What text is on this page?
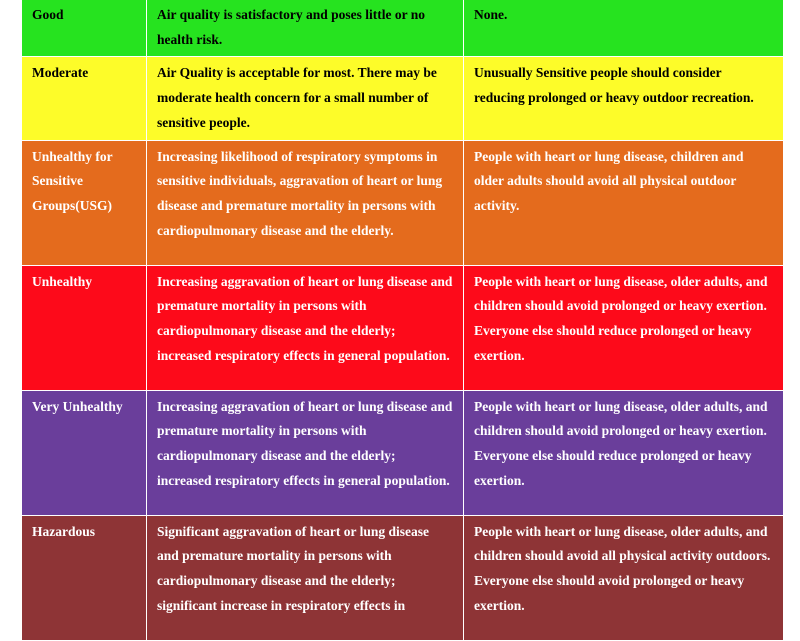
Good	Air quality is satisfactory and poses little or no health risk.	None.
Moderate	Air Quality is acceptable for most. There may be moderate health concern for a small number of sensitive people.	Unusually Sensitive people should consider reducing prolonged or heavy outdoor recreation.
Unhealthy for Sensitive Groups(USG)	Increasing likelihood of respiratory symptoms in sensitive individuals, aggravation of heart or lung disease and premature mortality in persons with cardiopulmonary disease and the elderly.	People with heart or lung disease, children and older adults should avoid all physical outdoor activity.
Unhealthy	Increasing aggravation of heart or lung disease and premature mortality in persons with cardiopulmonary disease and the elderly; increased respiratory effects in general population.	People with heart or lung disease, older adults, and children should avoid prolonged or heavy exertion. Everyone else should reduce prolonged or heavy exertion.
Very Unhealthy	Increasing aggravation of heart or lung disease and premature mortality in persons with cardiopulmonary disease and the elderly; increased respiratory effects in general population.	People with heart or lung disease, older adults, and children should avoid prolonged or heavy exertion. Everyone else should reduce prolonged or heavy exertion.
Hazardous	Significant aggravation of heart or lung disease and premature mortality in persons with cardiopulmonary disease and the elderly; significant increase in respiratory effects in	People with heart or lung disease, older adults, and children should avoid all physical activity outdoors. Everyone else should avoid prolonged or heavy exertion.
